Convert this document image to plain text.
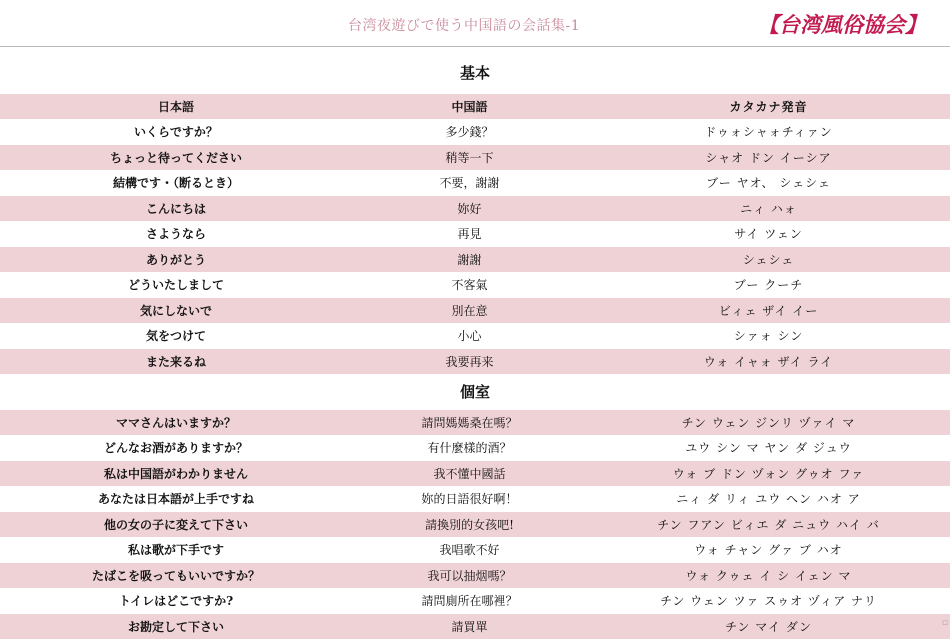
台湾夜遊びで使う中国語の会話集-1	【台湾風俗協会】
基本
日本語	中国語	カタカナ発音
いくらですか？	多少錢？	ドゥォシャォチィァン
ちょっと待ってください	稍等一下	シャオ ドン イーシア
結構です・（断るとき）	不要，謝謝	ブー ヤオ、 シェシェ
こんにちは	妳好	ニィ ハォ
さようなら	再見	サイ ツェン
ありがとう	謝謝	シェシェ
どういたしまして	不客氣	ブー クーチ
気にしないで	別在意	ビィェ ザイ イー
気をつけて	小心	シァォ シン
また来るね	我要再来	ウォ イャォ ザイ ライ
個室
ママさんはいますか？	請問媽媽桑在嗎？	チン ウェン ジンリ ヅァイ マ
どんなお酒がありますか？	有什麼樣的酒？	ユウ シン マ ヤン ダ ジュウ
私は中国語がわかりません	我不懂中國話	ウォ ブ ドン ヅォン グゥオ ファ
あなたは日本語が上手ですね	妳的日語很好啊！	ニィ ダ リィ ユウ ヘン ハオ ア
他の女の子に変えて下さい	請換別的女孩吧!	チン フアン ビィエ ダ ニュウ ハイ バ
私は歌が下手です	我唱歌不好	ウォ チャン グァ ブ ハオ
たばこを吸ってもいいですか？	我可以抽烟嗎？	ウォ クゥェ イ シ イェン マ
トイレはどこですか?	請問廁所在哪裡？	チン ウェン ツァ スゥオ ヅィア ナリ
お勘定して下さい	請買單	チン マイ ダン	▫
